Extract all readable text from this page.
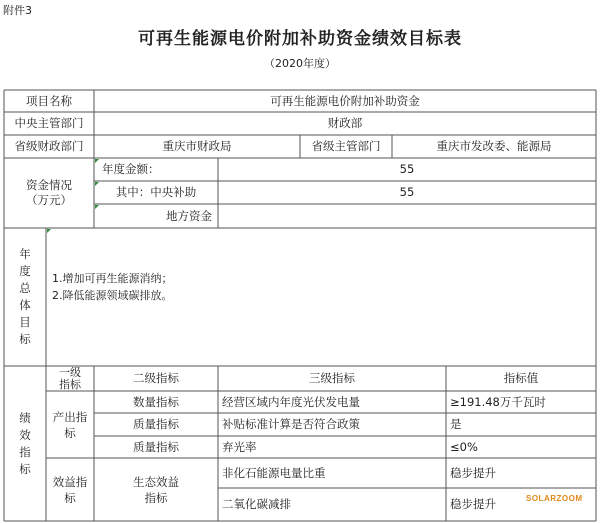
附件3
可再生能源电价附加补助资金绩效目标表
（2020年度）
项目名称	可再生能源电价附加补助资金
中央主管部门	财政部
省级财政部门	重庆市财政局	省级主管部门	重庆市发改委、能源局
资金情况
（万元）
年度金额：	55
其中：中央补助	55
地方资金
年
度
总
体
目
标
1.增加可再生能源消纳；
2.降低能源领域碳排放。
绩
效
指
标
一级
指标	二级指标	三级指标	指标值
产出指
标
数量指标	经营区域内年度光伏发电量	≥191.48万千瓦时
质量指标	补贴标准计算是否符合政策	是
质量指标	弃光率	≤0%
效益指
标
生态效益
指标
非化石能源电量比重	稳步提升
二氧化碳减排	稳步提升	SOLARZOOM
